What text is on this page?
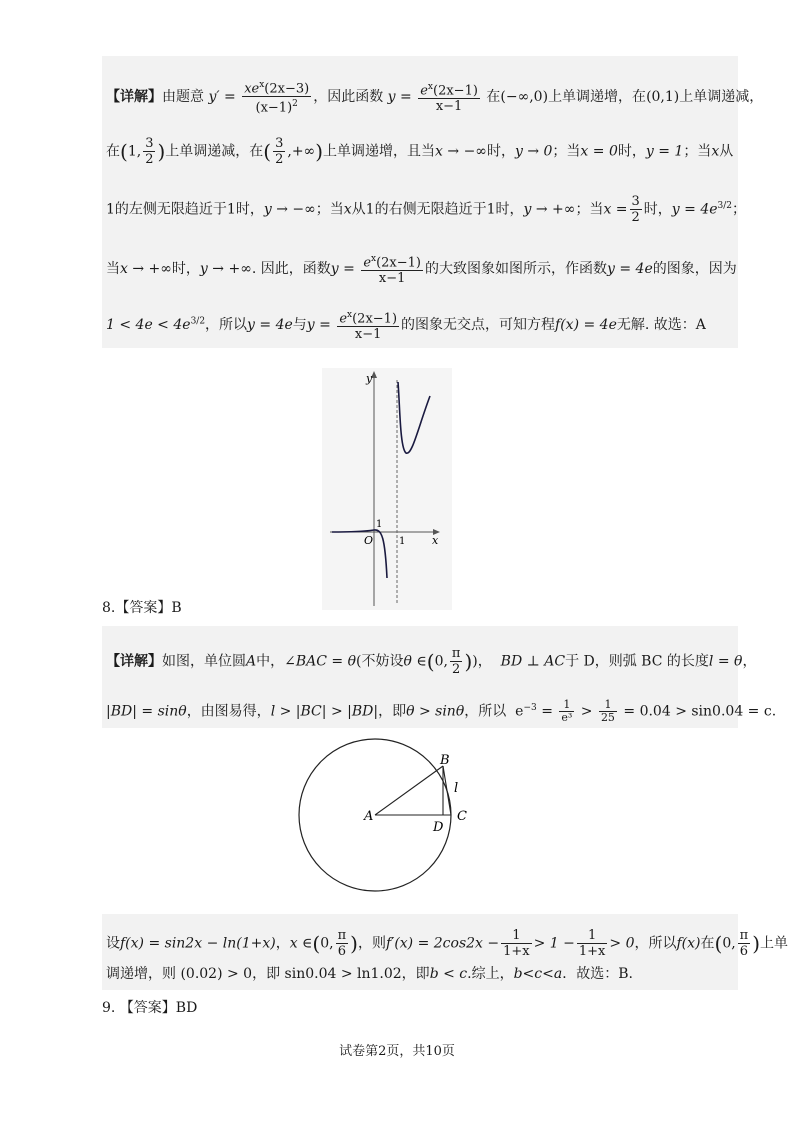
【详解】由题意 $y' = \frac{xe^x(2x-3)}{(x-1)^2}$ ，因此函数 $y = \frac{e^x(2x-1)}{x-1}$ 在(−∞,0)上单调递增，在(0,1)上单调递减，
在(1, $\frac{3}{2}$ )上单调递减，在( $\frac{3}{2}$ ,+∞)上单调递增，且当x → −∞时，y → 0；当x = 0时，y = 1；当x从
1的左侧无限趋近于1时，y → −∞；当x从1的右侧无限趋近于1时，y → +∞；当$x = \frac{3}{2}$ 时，$y = 4e^{3/2}$；
当x → +∞时，y → +∞. 因此，函数$y = \frac{e^x(2x-1)}{x-1}$ 的大致图象如图所示，作函数y = 4e的图象，因为
$1 < 4e < 4e^{3/2}$，所以y = 4e与$y = \frac{e^x(2x-1)}{x-1}$ 的图象无交点，可知方程f(x) = 4e无解. 故选：A
y
x
O
1
1
8.【答案】B
【详解】如图，单位圆A中，∠BAC = θ(不妨设θ ∈(0, $\frac{\pi}{2}$ ))， BD ⊥ AC于 D，则弧 BC 的长度l = θ，
|BD| = sinθ，由图易得，l > |BC| > |BD|，即θ > sinθ，所以 $e^{-3} = \frac{1}{\text{e³}} > \frac{1}{25} = 0.04 > \sin 0.04 = c$.
A
B
C
D
l
设f(x) = sin2x − ln(1+x)，x ∈(0, $\frac{\pi}{6}$ )，则$f'(x) = 2\cos 2x - \frac{1}{1+x} > 1 - \frac{1}{1+x} > 0$，所以f(x)在(0, $\frac{\pi}{6}$ )上单
调递增，则 (0.02) > 0，即 sin0.04 > ln1.02，即b < c.综上，b<c<a．故选：B.
9. 【答案】BD
试卷第2页，共10页
